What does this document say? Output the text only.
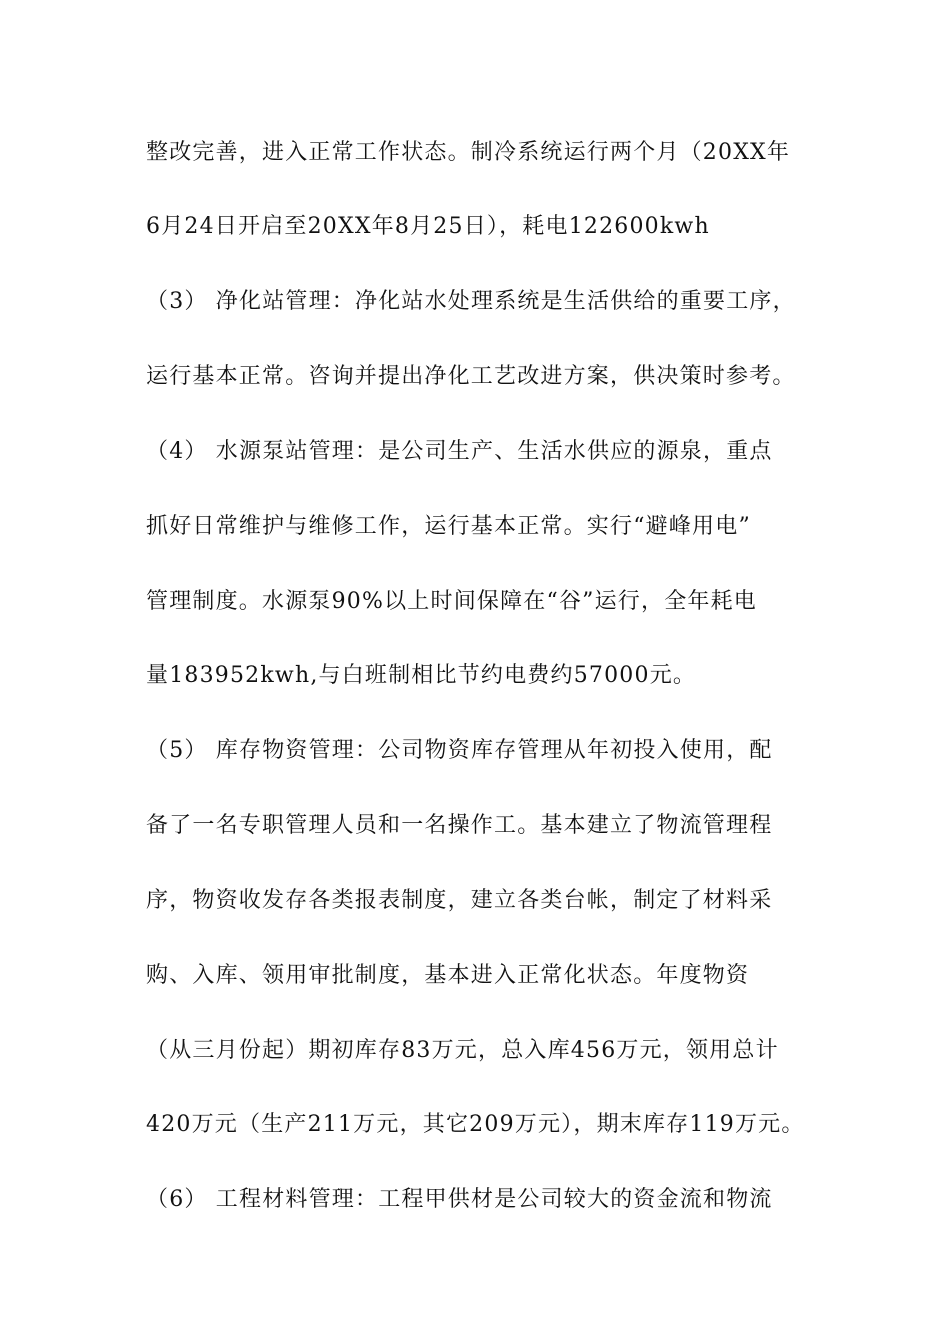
整改完善，进入正常工作状态。制冷系统运行两个月（20XX年
6月24日开启至20XX年8月25日），耗电122600kwh
（3） 净化站管理：净化站水处理系统是生活供给的重要工序，
运行基本正常。咨询并提出净化工艺改进方案，供决策时参考。
（4） 水源泵站管理：是公司生产、生活水供应的源泉，重点
抓好日常维护与维修工作，运行基本正常。实行“避峰用电”
管理制度。水源泵90%以上时间保障在“谷”运行，全年耗电
量183952kwh,与白班制相比节约电费约57000元。
（5） 库存物资管理：公司物资库存管理从年初投入使用，配
备了一名专职管理人员和一名操作工。基本建立了物流管理程
序，物资收发存各类报表制度，建立各类台帐，制定了材料采
购、入库、领用审批制度，基本进入正常化状态。年度物资
（从三月份起）期初库存83万元，总入库456万元，领用总计
420万元（生产211万元，其它209万元），期末库存119万元。
（6） 工程材料管理：工程甲供材是公司较大的资金流和物流
